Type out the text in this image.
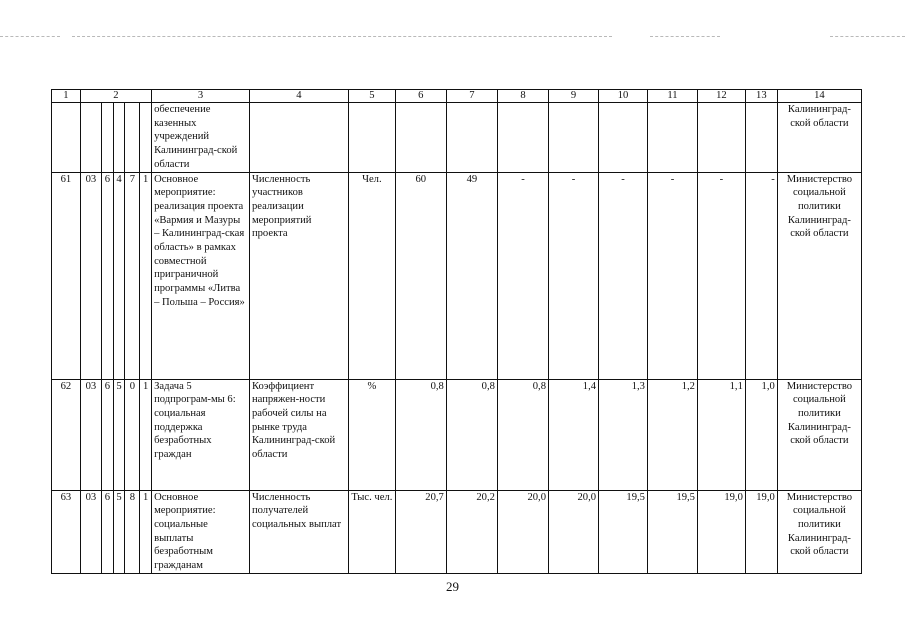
1	2					3	4	5	6	7	8	9	10	11	12	13	14
						обеспечение казенных учреждений Калининград-ской области											Калининград-ской области
61	03	6	4	7	1	Основное мероприятие: реализация проекта «Вармия и Мазуры – Калининград-ская область» в рамках совместной приграничной программы «Литва – Польша – Россия»	Численность участников реализации мероприятий проекта	Чел.	60	49	-	-	-	-	-	-	Министерство социальной политики Калининград-ской области
62	03	6	5	0	1	Задача 5 подпрограм-мы 6: социальная поддержка безработных граждан	Коэффициент напряжен-ности рабочей силы на рынке труда Калининград-ской области	%	0,8	0,8	0,8	1,4	1,3	1,2	1,1	1,0	Министерство социальной политики Калининград-ской области
63	03	6	5	8	1	Основное мероприятие: социальные выплаты безработным гражданам	Численность получателей социальных выплат	Тыс. чел.	20,7	20,2	20,0	20,0	19,5	19,5	19,0	19,0	Министерство социальной политики Калининград-ской области
29
